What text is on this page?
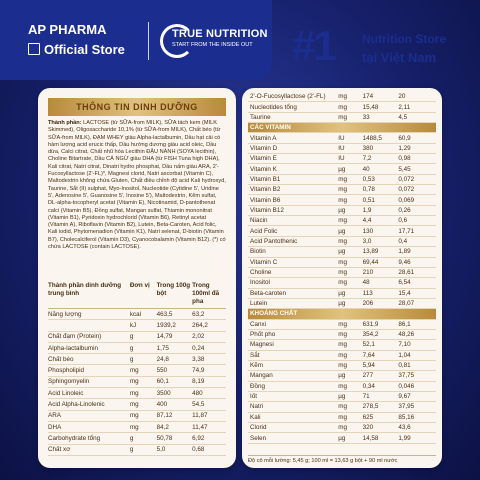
AP PHARMA
Official Store
TRUE NUTRITION
START FROM THE INSIDE OUT #1 Nutrition Store
tại Việt Nam
THÔNG TIN DINH DƯỠNG
Thành phần: LACTOSE (từ SỮA-from MILK), SỮA tách kem (MILK Skimmed), Oligosaccharide 10,1% (từ SỮA-from MILK), Chất béo (từ SỮA-from MILK), ĐẠM WHEY giàu Alpha-lactalbumin, Dầu hạt cải có hàm lượng acid erucic thấp, Dầu hướng dương giàu acid oleic, Dầu dừa, Calci citrat, Chất nhũ hóa Lecithin ĐẬU NÀNH (SOYA lecithin), Choline Bitartrate, Dầu CÁ NGỪ giàu DHA (từ FISH Tuna high DHA), Kali citrat, Natri citrat, Dinatri hydro phosphat, Dầu nấm giàu ARA, 2'-Fucosyllactose (2'-FL)*, Magnesi clorid, Natri ascorbat (Vitamin C), Maltodextrin không chứa Gluten, Chất điều chỉnh độ acid Kali hydroxyd, Taurine, Sắt (II) sulphat, Myo-Inositol, Nucleotide (Cytidine 5', Uridine 5', Adenosine 5', Guanosine 5', Inosine 5'), Maltodextrin, Kẽm sulfat, DL-alpha-tocopheryl acetat (Vitamin E), Nicotinamid, D-pantothenat calci (Vitamin B5), Đồng sulfat, Mangan sulfat, Thiamin mononitrat (Vitamin B1), Pyridoxin hydrochlorid (Vitamin B6), Retinyl acetat (Vitamin A), Riboflavin (Vitamin B2), Lutein, Beta-Caroten, Acid folic, Kali iodid, Phytomenadion (Vitamin K1), Natri selenat, D-biotin (Vitamin B7), Cholecalciferol (Vitamin D3), Cyanocobalamin (Vitamin B12). (*) có chứa LACTOSE (contain LACTOSE).
Thành phần dinh dưỡng trung bình	Đơn vị	Trong 100g bột	Trong 100ml đã pha
Năng lượng	kcal	463,5	63,2
	kJ	1939,2	264,2
Chất đạm (Protein)	g	14,79	2,02
Alpha-lactalbumin	g	1,75	0,24
Chất béo	g	24,8	3,38
Phospholipid	mg	550	74,9
Sphingomyelin	mg	60,1	8,19
Acid Linoleic	mg	3500	480
Acid Alpha-Linolenic	mg	400	54,5
ARA	mg	87,12	11,87
DHA	mg	84,2	11,47
Carbohydrate tổng	g	50,78	6,92
Chất xơ	g	5,0	0,68
2'-O-Fucosyllactose (2'-FL)	mg	174	20
Nucleotides tổng	mg	15,48	2,11
Taurine	mg	33	4,5
CÁC VITAMIN			
Vitamin A	IU	1488,5	60,9
Vitamin D	IU	380	1,29
Vitamin E	IU	7,2	0,98
Vitamin K	µg	40	5,45
Vitamin B1	mg	0,53	0,072
Vitamin B2	mg	0,78	0,072
Vitamin B6	mg	0,51	0,069
Vitamin B12	µg	1,9	0,26
Niacin	mg	4,4	0,6
Acid Folic	µg	130	17,71
Acid Pantothenic	mg	3,0	0,4
Biotin	µg	13,89	1,89
Vitamin C	mg	69,44	9,46
Choline	mg	210	28,61
Inositol	mg	48	6,54
Beta-caroten	µg	113	15,4
Lutein	µg	206	28,07
KHOÁNG CHẤT			
Canxi	mg	631,9	86,1
Phốt pho	mg	354,2	48,26
Magnesi	mg	52,1	7,10
Sắt	mg	7,64	1,04
Kẽm	mg	5,94	0,81
Mangan	µg	277	37,75
Đồng	mg	0,34	0,046
Iốt	µg	71	9,67
Natri	mg	278,5	37,95
Kali	mg	625	85,16
Clorid	mg	320	43,6
Selen	µg	14,58	1,99
Độ cô mỗi lường: 5,45 g; 100 ml = 13,63 g bột + 90 ml nước
